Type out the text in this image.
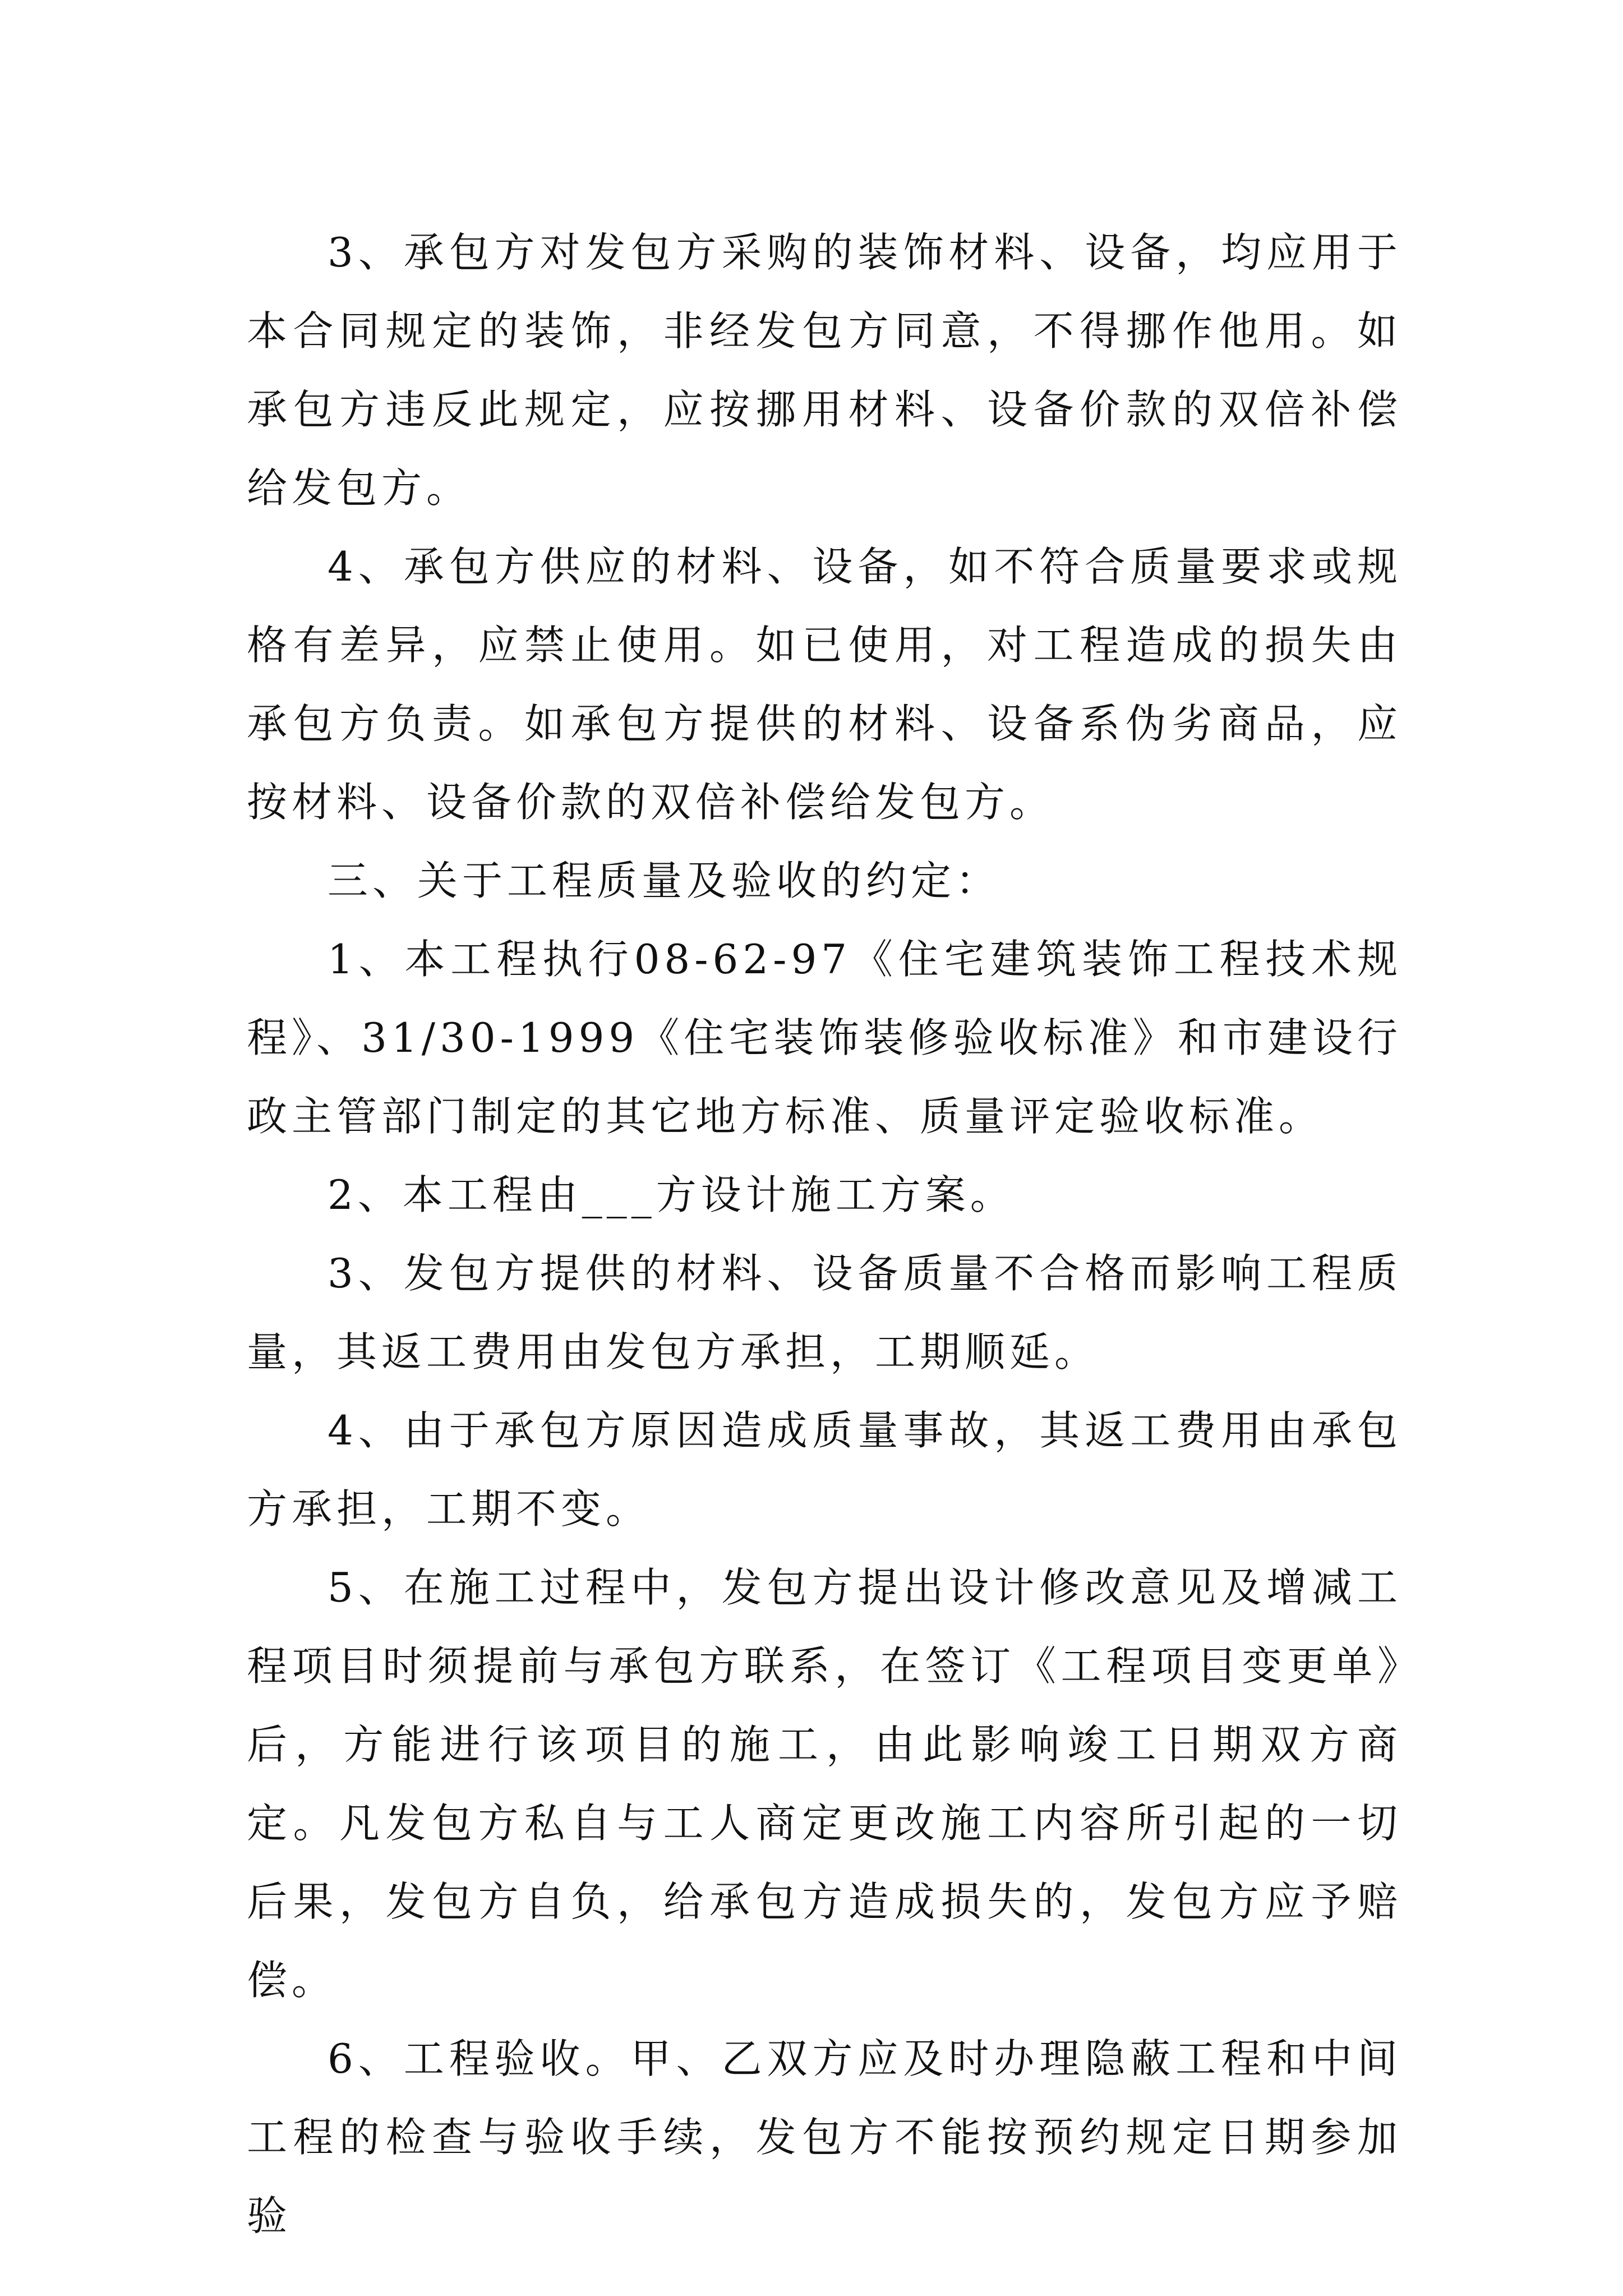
3、承包方对发包方采购的装饰材料、设备，均应用于本合同规定的装饰，非经发包方同意，不得挪作他用。如承包方违反此规定，应按挪用材料、设备价款的双倍补偿给发包方。

4、承包方供应的材料、设备，如不符合质量要求或规格有差异，应禁止使用。如已使用，对工程造成的损失由承包方负责。如承包方提供的材料、设备系伪劣商品，应按材料、设备价款的双倍补偿给发包方。

三、关于工程质量及验收的约定：

1、本工程执行08-62-97《住宅建筑装饰工程技术规程》、31/30-1999《住宅装饰装修验收标准》和市建设行政主管部门制定的其它地方标准、质量评定验收标准。

2、本工程由___方设计施工方案。

3、发包方提供的材料、设备质量不合格而影响工程质量，其返工费用由发包方承担，工期顺延。

4、由于承包方原因造成质量事故，其返工费用由承包方承担，工期不变。

5、在施工过程中，发包方提出设计修改意见及增减工程项目时须提前与承包方联系，在签订《工程项目变更单》后，方能进行该项目的施工，由此影响竣工日期双方商定。凡发包方私自与工人商定更改施工内容所引起的一切后果，发包方自负，给承包方造成损失的，发包方应予赔偿。

6、工程验收。甲、乙双方应及时办理隐蔽工程和中间工程的检查与验收手续，发包方不能按预约规定日期参加验
